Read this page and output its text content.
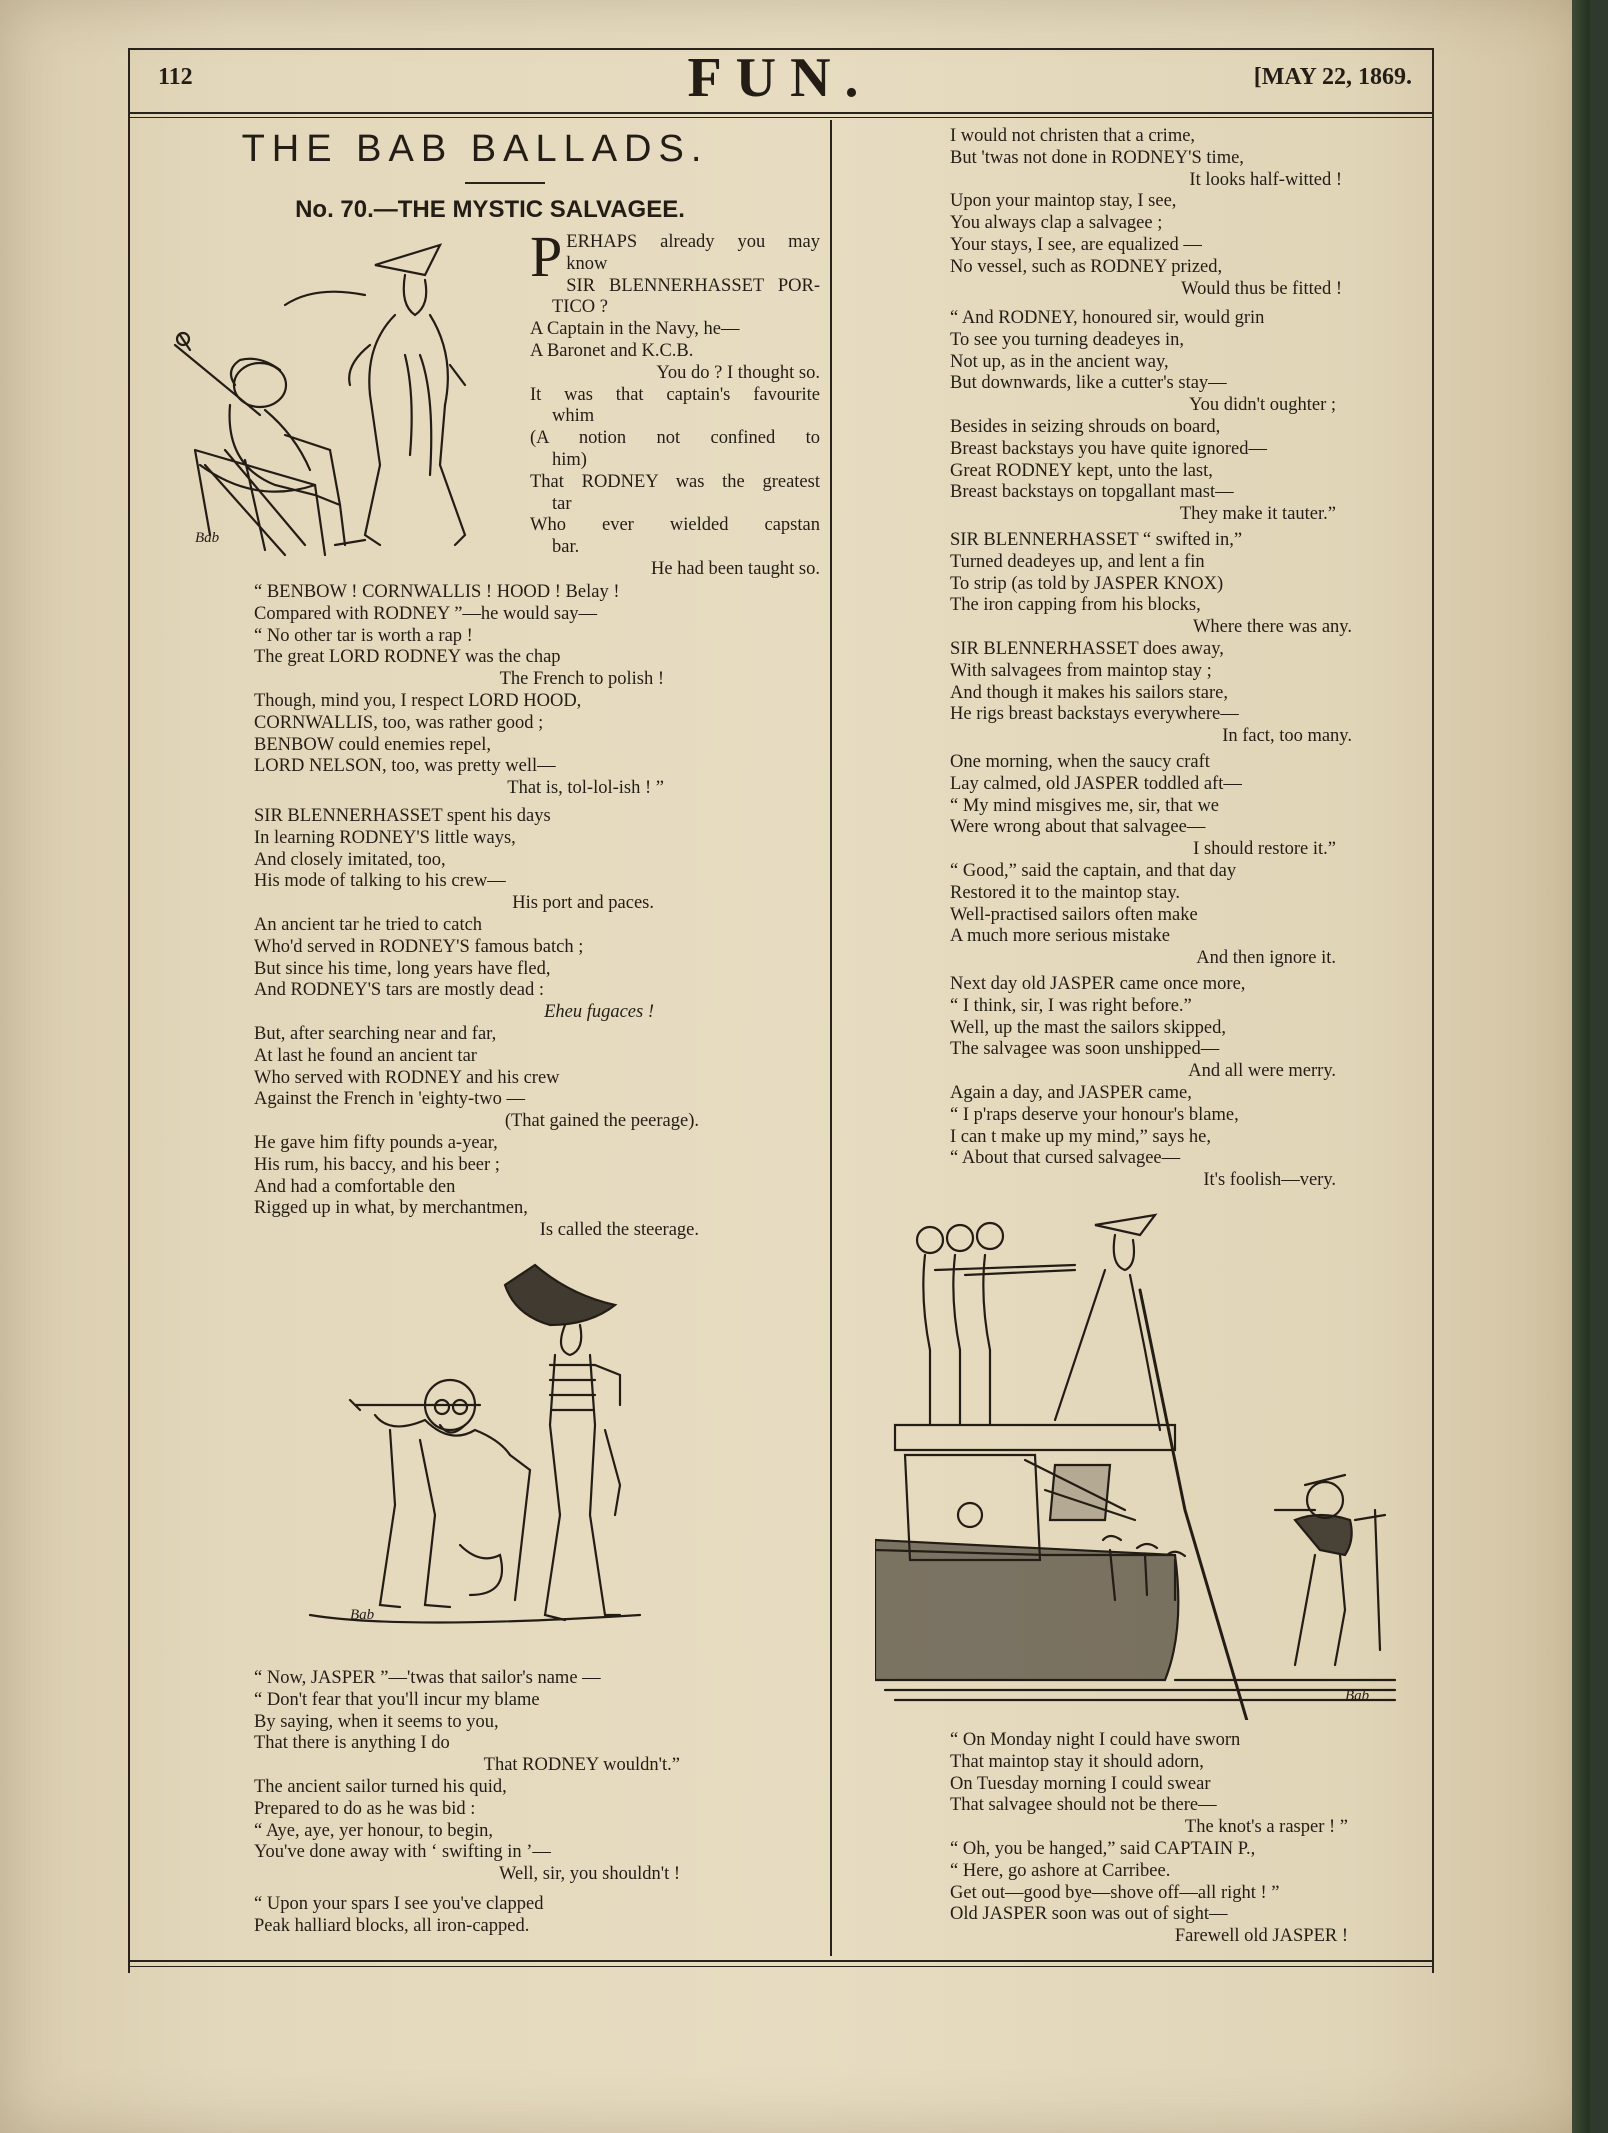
112	FUN.	[MAY 22, 1869.
THE BAB BALLADS.
No. 70.—THE MYSTIC SALVAGEE.
PERHAPS already you may
know
SIR BLENNERHASSET POR-
TICO ?
A Captain in the Navy, he—
A Baronet and K.C.B.
You do ? I thought so.
It was that captain's favourite
whim
(A notion not confined to
him)
That RODNEY was the greatest
tar
Who ever wielded capstan
bar.
He had been taught so.
“ BENBOW ! CORNWALLIS ! HOOD ! Belay !
Compared with RODNEY ”—he would say—
“ No other tar is worth a rap !
The great LORD RODNEY was the chap
The French to polish !
Though, mind you, I respect LORD HOOD,
CORNWALLIS, too, was rather good ;
BENBOW could enemies repel,
LORD NELSON, too, was pretty well—
That is, tol-lol-ish ! ”
SIR BLENNERHASSET spent his days
In learning RODNEY'S little ways,
And closely imitated, too,
His mode of talking to his crew—
His port and paces.
An ancient tar he tried to catch
Who'd served in RODNEY'S famous batch ;
But since his time, long years have fled,
And RODNEY'S tars are mostly dead :
Eheu fugaces !
But, after searching near and far,
At last he found an ancient tar
Who served with RODNEY and his crew
Against the French in 'eighty-two —
(That gained the peerage).
He gave him fifty pounds a-year,
His rum, his baccy, and his beer ;
And had a comfortable den
Rigged up in what, by merchantmen,
Is called the steerage.
“ Now, JASPER ”—'twas that sailor's name —
“ Don't fear that you'll incur my blame
By saying, when it seems to you,
That there is anything I do
That RODNEY wouldn't.”
The ancient sailor turned his quid,
Prepared to do as he was bid :
“ Aye, aye, yer honour, to begin,
You've done away with ‘ swifting in ’—
Well, sir, you shouldn't !
“ Upon your spars I see you've clapped
Peak halliard blocks, all iron-capped.
I would not christen that a crime,
But 'twas not done in RODNEY'S time,
It looks half-witted !
Upon your maintop stay, I see,
You always clap a salvagee ;
Your stays, I see, are equalized —
No vessel, such as RODNEY prized,
Would thus be fitted !
“ And RODNEY, honoured sir, would grin
To see you turning deadeyes in,
Not up, as in the ancient way,
But downwards, like a cutter's stay—
You didn't oughter ;
Besides in seizing shrouds on board,
Breast backstays you have quite ignored—
Great RODNEY kept, unto the last,
Breast backstays on topgallant mast—
They make it tauter.”
SIR BLENNERHASSET “ swifted in,”
Turned deadeyes up, and lent a fin
To strip (as told by JASPER KNOX)
The iron capping from his blocks,
Where there was any.
SIR BLENNERHASSET does away,
With salvagees from maintop stay ;
And though it makes his sailors stare,
He rigs breast backstays everywhere—
In fact, too many.
One morning, when the saucy craft
Lay calmed, old JASPER toddled aft—
“ My mind misgives me, sir, that we
Were wrong about that salvagee—
I should restore it.”
“ Good,” said the captain, and that day
Restored it to the maintop stay.
Well-practised sailors often make
A much more serious mistake
And then ignore it.
Next day old JASPER came once more,
“ I think, sir, I was right before.”
Well, up the mast the sailors skipped,
The salvagee was soon unshipped—
And all were merry.
Again a day, and JASPER came,
“ I p'raps deserve your honour's blame,
I can t make up my mind,” says he,
“ About that cursed salvagee—
It's foolish—very.
“ On Monday night I could have sworn
That maintop stay it should adorn,
On Tuesday morning I could swear
That salvagee should not be there—
The knot's a rasper ! ”
“ Oh, you be hanged,” said CAPTAIN P.,
“ Here, go ashore at Carribee.
Get out—good bye—shove off—all right ! ”
Old JASPER soon was out of sight—
Farewell old JASPER !
Bab
Bab
Bab
